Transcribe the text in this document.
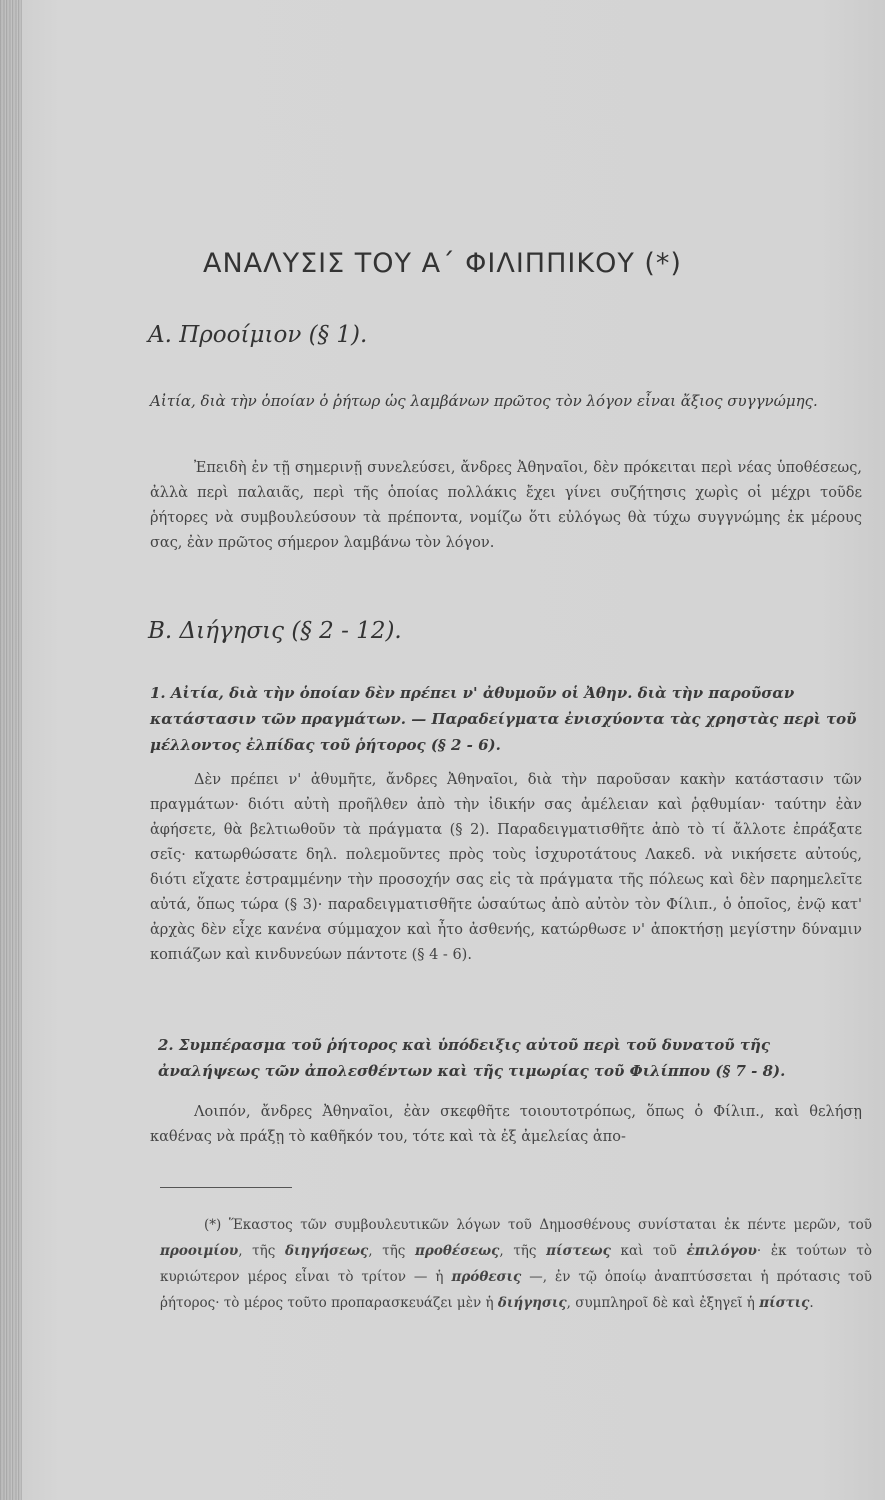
ΑΝΑΛΥΣΙΣ ΤΟΥ Α΄ ΦΙΛΙΠΠΙΚΟΥ (*)
Α. Προοίμιον (§ 1).

Αἰτία, διὰ τὴν ὁποίαν ὁ ῥήτωρ ὡς λαμβάνων πρῶτος τὸν λόγον εἶναι ἄξιος συγγνώμης.

Ἐπειδὴ ἐν τῇ σημερινῇ συνελεύσει, ἄνδρες Ἀθηναῖοι, δὲν πρόκειται περὶ νέας ὑποθέσεως, ἀλλὰ περὶ παλαιᾶς, περὶ τῆς ὁποίας πολλάκις ἔχει γίνει συζήτησις χωρὶς οἱ μέχρι τοῦδε ῥήτορες νὰ συμβουλεύσουν τὰ πρέποντα, νομίζω ὅτι εὐλόγως θὰ τύχω συγγνώμης ἐκ μέρους σας, ἐὰν πρῶτος σήμερον λαμβάνω τὸν λόγον.

Β. Διήγησις (§ 2 - 12).

1. Αἰτία, διὰ τὴν ὁποίαν δὲν πρέπει ν' ἀθυμοῦν οἱ Ἀθην. διὰ τὴν παροῦσαν κατάστασιν τῶν πραγμάτων. — Παραδείγματα ἐνισχύοντα τὰς χρηστὰς περὶ τοῦ μέλλοντος ἐλπίδας τοῦ ῥήτορος (§ 2 - 6).

Δὲν πρέπει ν' ἀθυμῆτε, ἄνδρες Ἀθηναῖοι, διὰ τὴν παροῦσαν κακὴν κατάστασιν τῶν πραγμάτων· διότι αὐτὴ προῆλθεν ἀπὸ τὴν ἰδικήν σας ἀμέλειαν καὶ ῥᾳθυμίαν· ταύτην ἐὰν ἀφήσετε, θὰ βελτιωθοῦν τὰ πράγματα (§ 2). Παραδειγματισθῆτε ἀπὸ τὸ τί ἄλλοτε ἐπράξατε σεῖς· κατωρθώσατε δηλ. πολεμοῦντες πρὸς τοὺς ἰσχυροτάτους Λακεδ. νὰ νικήσετε αὐτούς, διότι εἴχατε ἐστραμμένην τὴν προσοχήν σας εἰς τὰ πράγματα τῆς πόλεως καὶ δὲν παρημελεῖτε αὐτά, ὅπως τώρα (§ 3)· παραδειγματισθῆτε ὡσαύτως ἀπὸ αὐτὸν τὸν Φίλιπ., ὁ ὁποῖος, ἐνῷ κατ' ἀρχὰς δὲν εἶχε κανένα σύμμαχον καὶ ἦτο ἀσθενής, κατώρθωσε ν' ἀποκτήσῃ μεγίστην δύναμιν κοπιάζων καὶ κινδυνεύων πάντοτε (§ 4 - 6).

2. Συμπέρασμα τοῦ ῥήτορος καὶ ὑπόδειξις αὐτοῦ περὶ τοῦ δυνατοῦ τῆς ἀναλήψεως τῶν ἀπολεσθέντων καὶ τῆς τιμωρίας τοῦ Φιλίππου (§ 7 - 8).

Λοιπόν, ἄνδρες Ἀθηναῖοι, ἐὰν σκεφθῆτε τοιουτοτρόπως, ὅπως ὁ Φίλιπ., καὶ θελήσῃ καθένας νὰ πράξῃ τὸ καθῆκόν του, τότε καὶ τὰ ἐξ ἀμελείας ἀπο-

(*) Ἕκαστος τῶν συμβουλευτικῶν λόγων τοῦ Δημοσθένους συνίσταται ἐκ πέντε μερῶν, τοῦ προοιμίου, τῆς διηγήσεως, τῆς προθέσεως, τῆς πίστεως καὶ τοῦ ἐπιλόγου· ἐκ τούτων τὸ κυριώτερον μέρος εἶναι τὸ τρίτον — ἡ πρόθεσις —, ἐν τῷ ὁποίῳ ἀναπτύσσεται ἡ πρότασις τοῦ ῥήτορος· τὸ μέρος τοῦτο προπαρασκευάζει μὲν ἡ διήγησις, συμπληροῖ δὲ καὶ ἐξηγεῖ ἡ πίστις.
